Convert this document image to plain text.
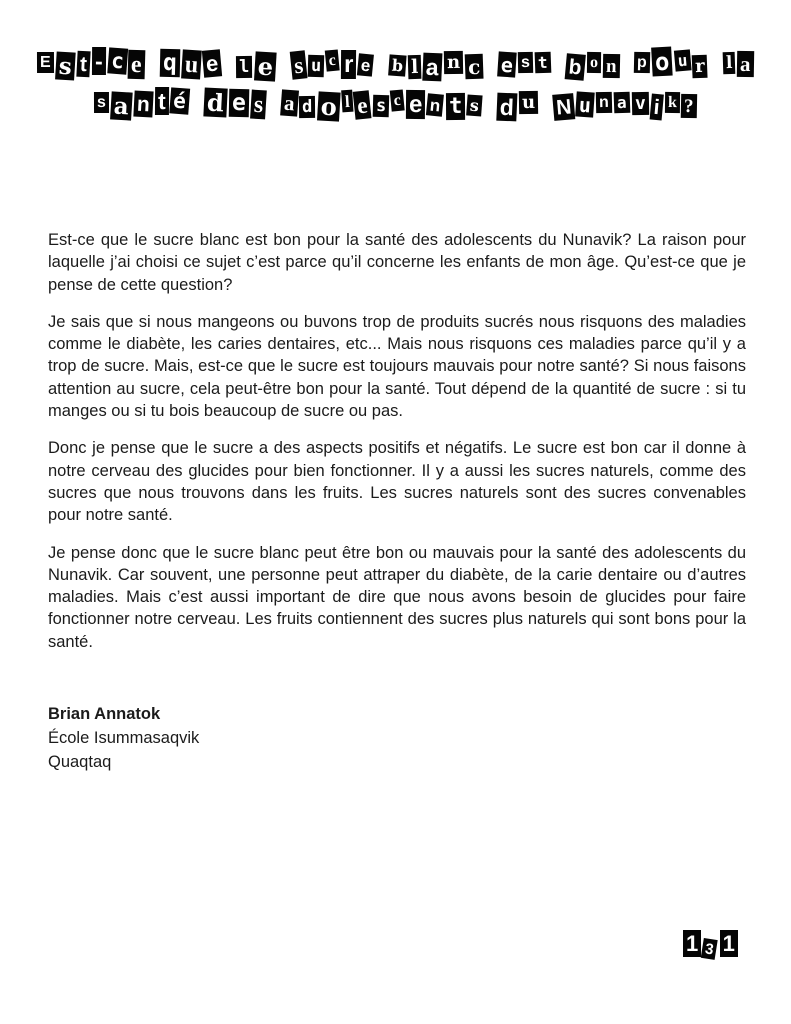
E s t - c e q u e l e s u c r e b l a n c e s t b o n p o u r l a
s a n t é d e s a d o l e s c e n t s d u N u n a v i k ?

Est-ce que le sucre blanc est bon pour la santé des adolescents du Nunavik? La raison pour laquelle j’ai choisi ce sujet c’est parce qu’il concerne les enfants de mon âge. Qu’est-ce que je pense de cette question?

Je sais que si nous mangeons ou buvons trop de produits sucrés nous risquons des maladies comme le diabète, les caries dentaires, etc... Mais nous risquons ces maladies parce qu’il y a trop de sucre. Mais, est-ce que le sucre est toujours mauvais pour notre santé? Si nous faisons attention au sucre, cela peut-être bon pour la santé. Tout dépend de la quantité de sucre : si tu manges ou si tu bois beaucoup de sucre ou pas.

Donc je pense que le sucre a des aspects positifs et négatifs. Le sucre est bon car il donne à notre cerveau des glucides pour bien fonctionner. Il y a aussi les sucres naturels, comme des sucres que nous trouvons dans les fruits. Les sucres naturels sont des sucres convenables pour notre santé.

Je pense donc que le sucre blanc peut être bon ou mauvais pour la santé des adolescents du Nunavik. Car souvent, une personne peut attraper du diabète, de la carie dentaire ou d’autres maladies. Mais c’est aussi important de dire que nous avons besoin de glucides pour faire fonctionner notre cerveau. Les fruits contiennent des sucres plus naturels qui sont bons pour la santé.

Brian Annatok
École Isummasaqvik
Quaqtaq
1 3 1
